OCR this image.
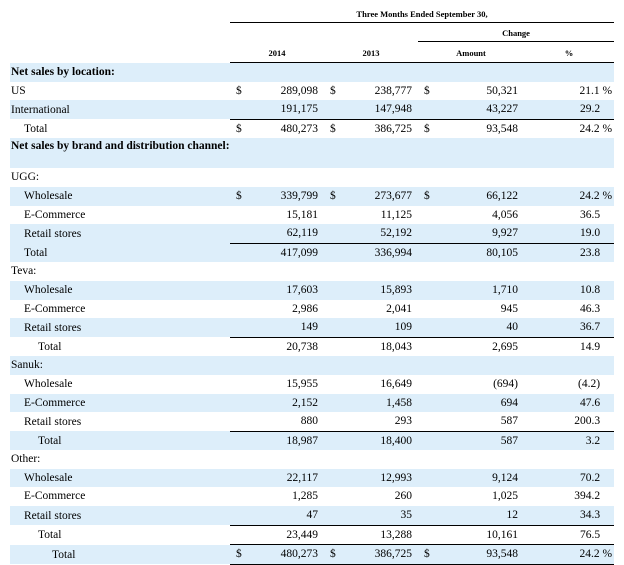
	Three Months Ended September 30,						
					Change		
	2014		2013		Amount		%
Net sales by location:							
US	$	289,098	$	238,777	$	50,321	21.1 %
International		191,175		147,948		43,227	29.2
Total	$	480,273	$	386,725	$	93,548	24.2 %
Net sales by brand and distribution channel:							
UGG:							
Wholesale	$	339,799	$	273,677	$	66,122	24.2 %
E-Commerce		15,181		11,125		4,056	36.5
Retail stores		62,119		52,192		9,927	19.0
Total		417,099		336,994		80,105	23.8
Teva:							
Wholesale		17,603		15,893		1,710	10.8
E-Commerce		2,986		2,041		945	46.3
Retail stores		149		109		40	36.7
Total		20,738		18,043		2,695	14.9
Sanuk:							
Wholesale		15,955		16,649		(694)	(4.2)
E-Commerce		2,152		1,458		694	47.6
Retail stores		880		293		587	200.3
Total		18,987		18,400		587	3.2
Other:							
Wholesale		22,117		12,993		9,124	70.2
E-Commerce		1,285		260		1,025	394.2
Retail stores		47		35		12	34.3
Total		23,449		13,288		10,161	76.5
Total	$	480,273	$	386,725	$	93,548	24.2 %
